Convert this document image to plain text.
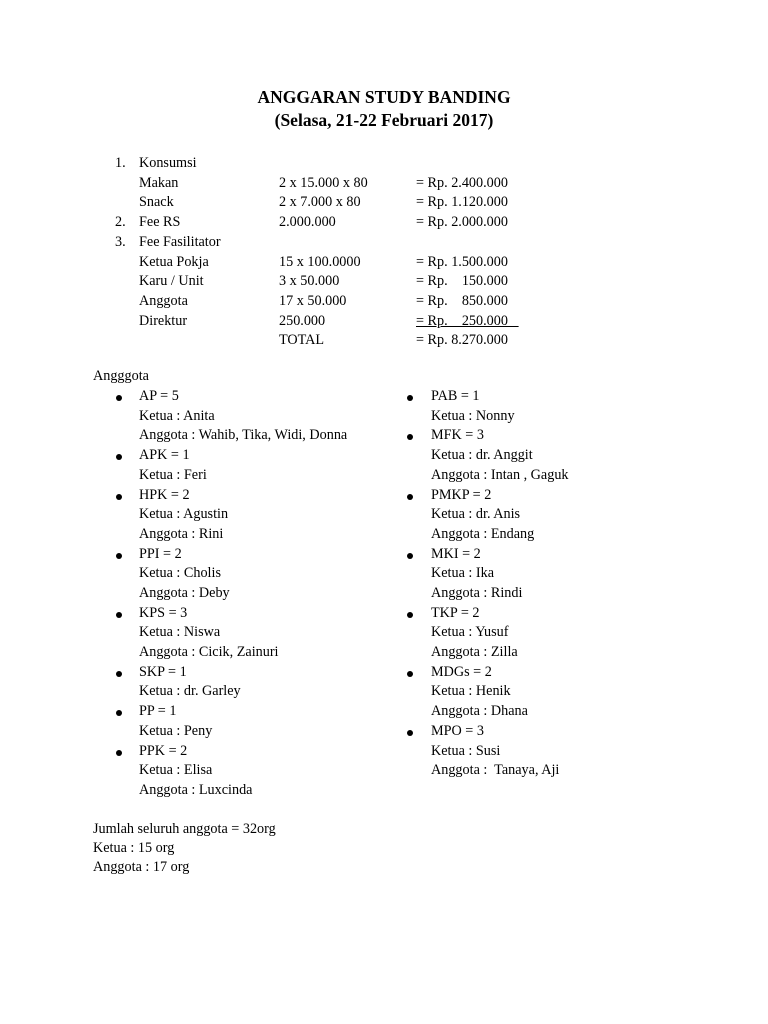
ANGGARAN STUDY BANDING
(Selasa, 21-22 Februari 2017)
1. Konsumsi
Makan	2 x 15.000 x 80	= Rp. 2.400.000
Snack	2 x 7.000 x 80	= Rp. 1.120.000
2. Fee RS	2.000.000	= Rp. 2.000.000
3. Fee Fasilitator
Ketua Pokja	15 x 100.0000	= Rp. 1.500.000
Karu / Unit	3 x 50.000	= Rp.    150.000
Anggota	17 x 50.000	= Rp.    850.000
Direktur	250.000	= Rp.    250.000
TOTAL	= Rp. 8.270.000
Angggota
AP = 5
Ketua : Anita
Anggota : Wahib, Tika, Widi, Donna
APK = 1
Ketua : Feri
HPK = 2
Ketua : Agustin
Anggota : Rini
PPI = 2
Ketua : Cholis
Anggota : Deby
KPS = 3
Ketua : Niswa
Anggota : Cicik, Zainuri
SKP = 1
Ketua : dr. Garley
PP = 1
Ketua : Peny
PPK = 2
Ketua : Elisa
Anggota : Luxcinda
PAB = 1
Ketua : Nonny
MFK = 3
Ketua : dr. Anggit
Anggota : Intan , Gaguk
PMKP = 2
Ketua : dr. Anis
Anggota : Endang
MKI = 2
Ketua : Ika
Anggota : Rindi
TKP = 2
Ketua : Yusuf
Anggota : Zilla
MDGs = 2
Ketua : Henik
Anggota : Dhana
MPO = 3
Ketua : Susi
Anggota :  Tanaya, Aji
Jumlah seluruh anggota = 32org
Ketua : 15 org
Anggota : 17 org
